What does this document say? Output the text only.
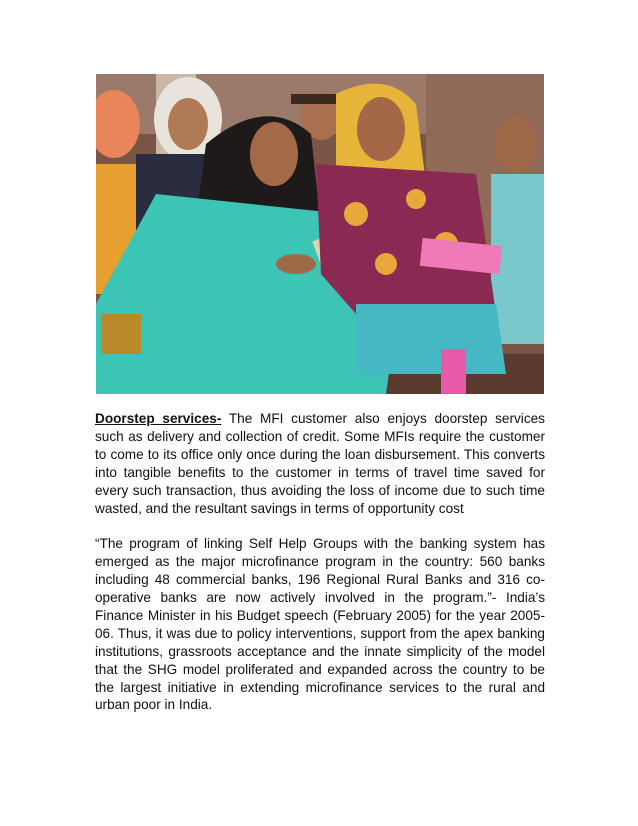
Doorstep services- The MFI customer also enjoys doorstep services such as delivery and collection of credit. Some MFIs require the customer to come to its office only once during the loan disbursement. This converts into tangible benefits to the customer in terms of travel time saved for every such transaction, thus avoiding the loss of income due to such time wasted, and the resultant savings in terms of opportunity cost

“The program of linking Self Help Groups with the banking system has emerged as the major microfinance program in the country: 560 banks including 48 commercial banks, 196 Regional Rural Banks and 316 co-operative banks are now actively involved in the program.”- India’s Finance Minister in his Budget speech (February 2005) for the year 2005-06. Thus, it was due to policy interventions, support from the apex banking institutions, grassroots acceptance and the innate simplicity of the model that the SHG model proliferated and expanded across the country to be the largest initiative in extending microfinance services to the rural and urban poor in India.
